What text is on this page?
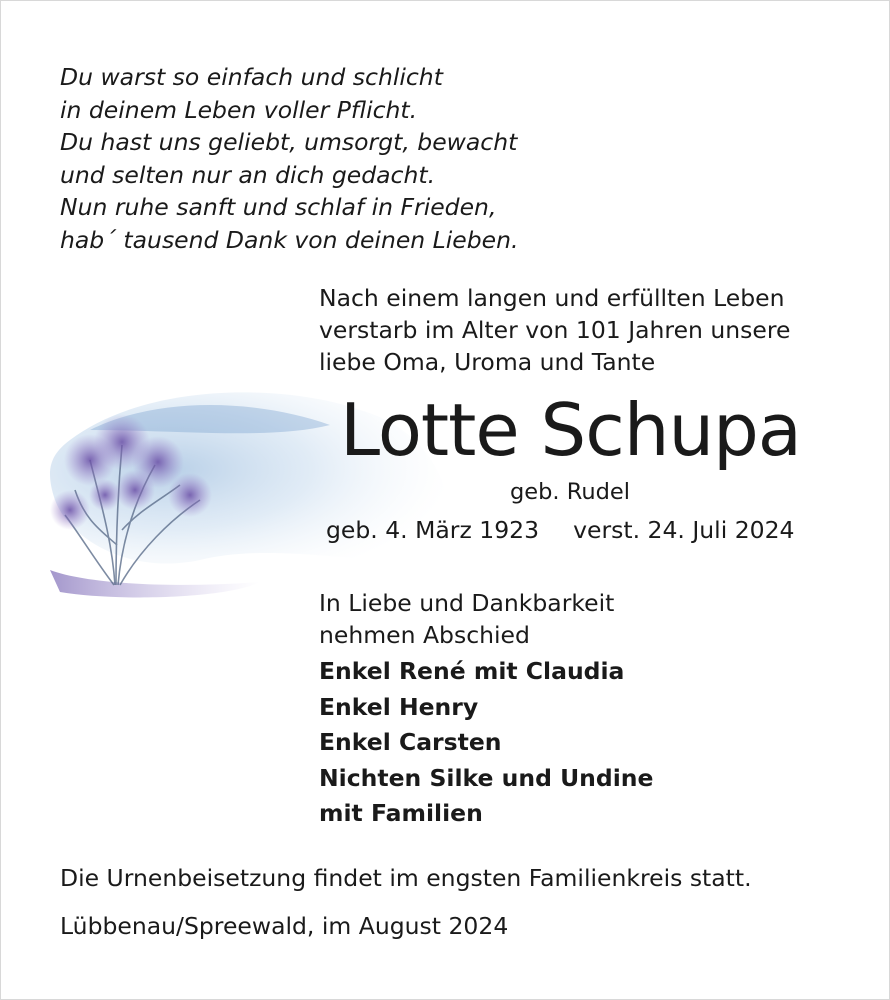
Du warst so einfach und schlicht
in deinem Leben voller Pflicht.
Du hast uns geliebt, umsorgt, bewacht
und selten nur an dich gedacht.
Nun ruhe sanft und schlaf in Frieden,
hab´ tausend Dank von deinen Lieben.
Nach einem langen und erfüllten Leben
verstarb im Alter von 101 Jahren unsere
liebe Oma, Uroma und Tante
Lotte Schupa
geb. Rudel
geb. 4. März 1923 verst. 24. Juli 2024
In Liebe und Dankbarkeit
nehmen Abschied
Enkel René mit Claudia
Enkel Henry
Enkel Carsten
Nichten Silke und Undine
mit Familien
Die Urnenbeisetzung findet im engsten Familienkreis statt.
Lübbenau/Spreewald, im August 2024
